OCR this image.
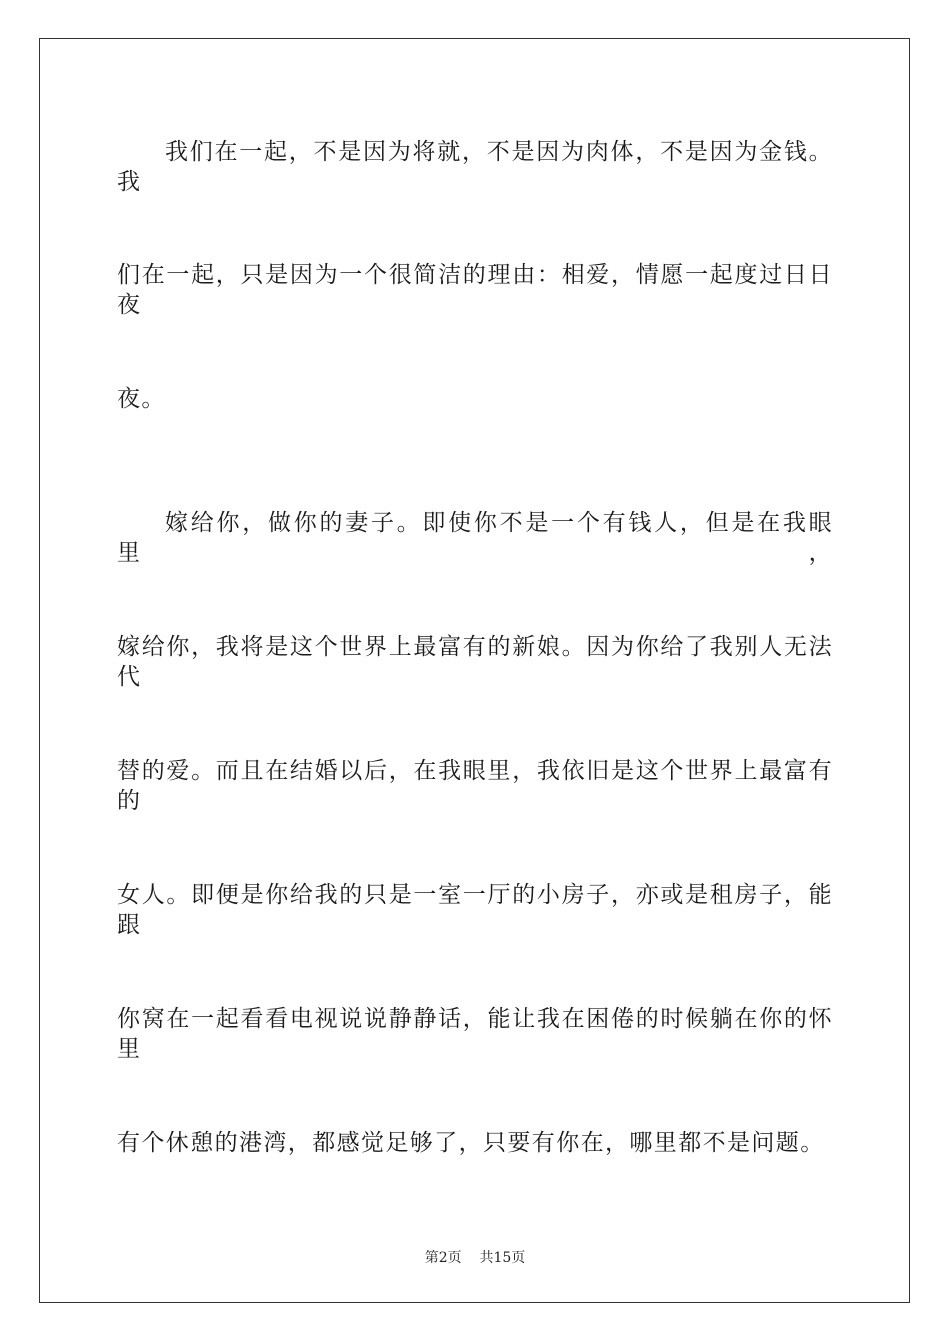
我们在一起，不是因为将就，不是因为肉体，不是因为金钱。我
们在一起，只是因为一个很简洁的理由：相爱，情愿一起度过日日夜
夜。
嫁给你，做你的妻子。即使你不是一个有钱人，但是在我眼里，
嫁给你，我将是这个世界上最富有的新娘。因为你给了我别人无法代
替的爱。而且在结婚以后，在我眼里，我依旧是这个世界上最富有的
女人。即便是你给我的只是一室一厅的小房子，亦或是租房子，能跟
你窝在一起看看电视说说静静话，能让我在困倦的时候躺在你的怀里
有个休憩的港湾，都感觉足够了，只要有你在，哪里都不是问题。
第2页 共15页
